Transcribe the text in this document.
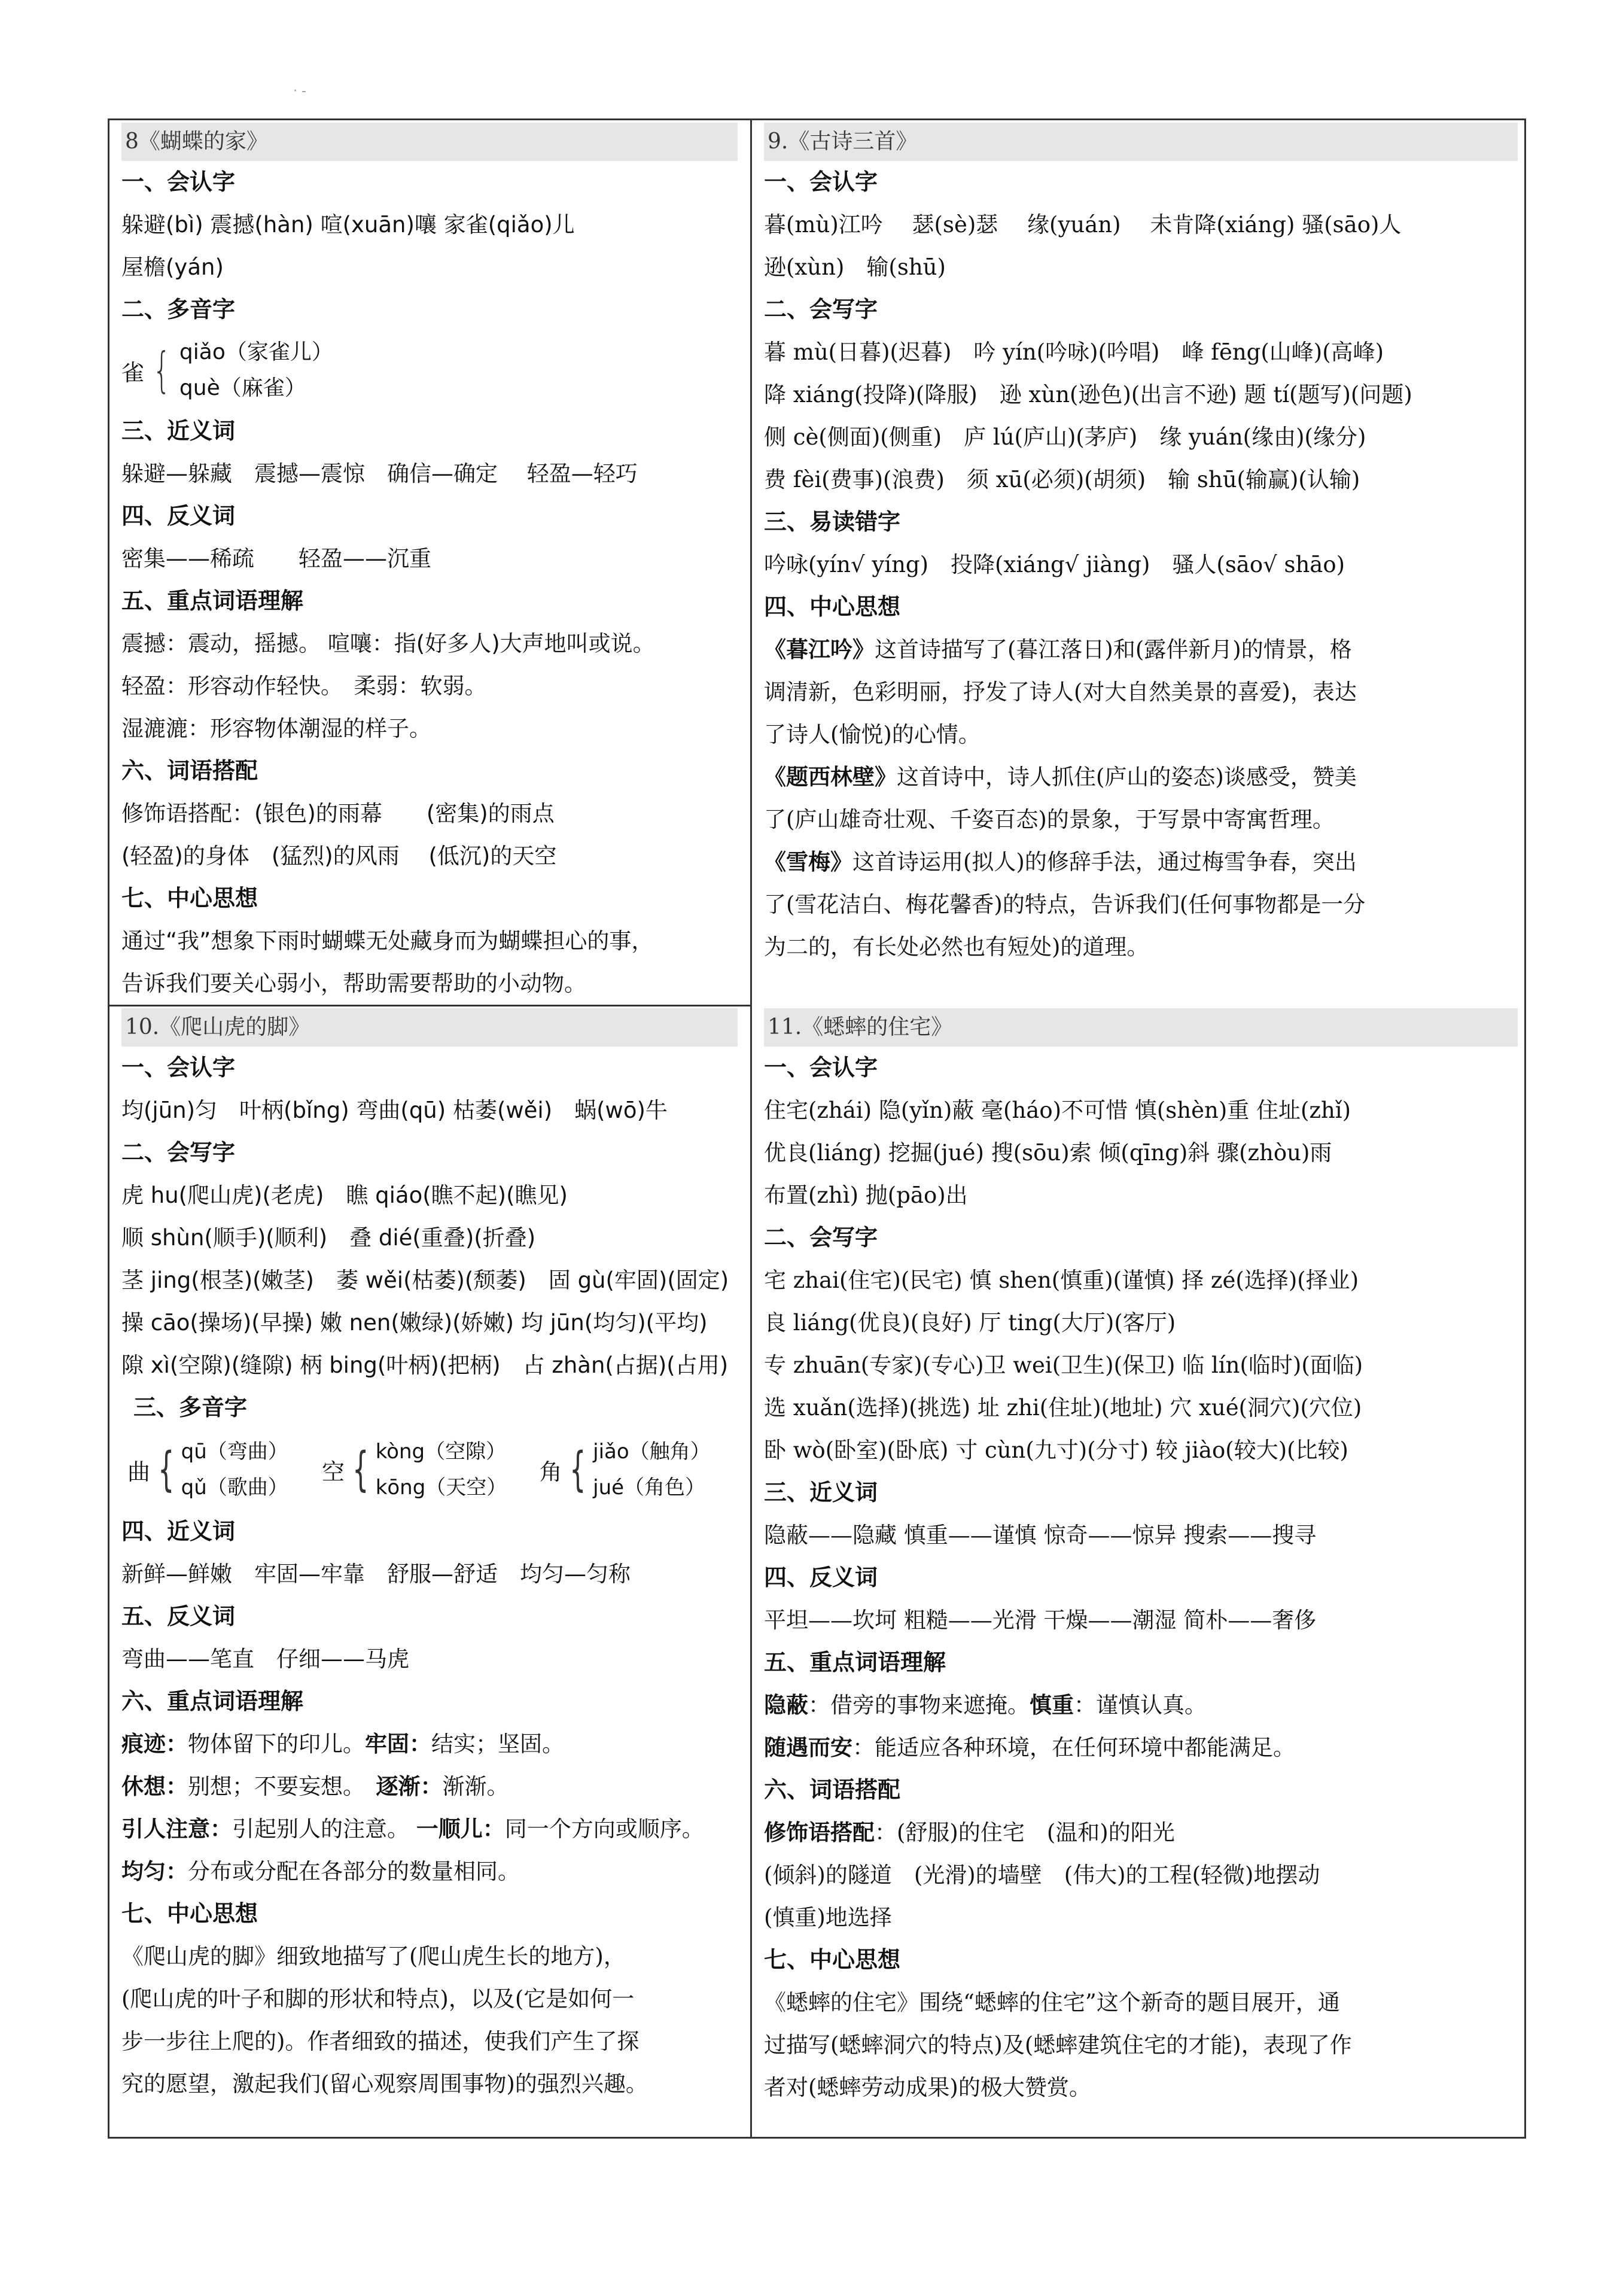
· -
8《蝴蝶的家》
一、会认字
躲避(bì) 震撼(hàn) 喧(xuān)嚷 家雀(qiǎo)儿
屋檐(yán)
二、多音字
雀 { qiǎo（家雀儿）
què（麻雀）
三、近义词
躲避—躲藏　震撼—震惊　确信—确定　 轻盈—轻巧
四、反义词
密集——稀疏　　轻盈——沉重
五、重点词语理解
震撼：震动，摇撼。 喧嚷：指(好多人)大声地叫或说。
轻盈：形容动作轻快。　柔弱：软弱。
湿漉漉：形容物体潮湿的样子。
六、词语搭配
修饰语搭配：(银色)的雨幕　　(密集)的雨点
(轻盈)的身体　(猛烈)的风雨　 (低沉)的天空
七、中心思想
通过“我”想象下雨时蝴蝶无处藏身而为蝴蝶担心的事，
告诉我们要关心弱小，帮助需要帮助的小动物。
9.《古诗三首》
一、会认字
暮(mù)江吟　 瑟(sè)瑟　 缘(yuán)　 未肯降(xiáng) 骚(sāo)人
逊(xùn)　输(shū)
二、会写字
暮 mù(日暮)(迟暮)　吟 yín(吟咏)(吟唱)　峰 fēng(山峰)(高峰)
降 xiáng(投降)(降服)　逊 xùn(逊色)(出言不逊) 题 tí(题写)(问题)
侧 cè(侧面)(侧重)　庐 lú(庐山)(茅庐)　缘 yuán(缘由)(缘分)
费 fèi(费事)(浪费)　须 xū(必须)(胡须)　输 shū(输赢)(认输)
三、易读错字
吟咏(yín√ yíng)　投降(xiáng√ jiàng)　骚人(sāo√ shāo)
四、中心思想
《暮江吟》这首诗描写了(暮江落日)和(露伴新月)的情景，格
调清新，色彩明丽，抒发了诗人(对大自然美景的喜爱)，表达
了诗人(愉悦)的心情。
《题西林壁》这首诗中，诗人抓住(庐山的姿态)谈感受，赞美
了(庐山雄奇壮观、千姿百态)的景象，于写景中寄寓哲理。
《雪梅》这首诗运用(拟人)的修辞手法，通过梅雪争春，突出
了(雪花洁白、梅花馨香)的特点，告诉我们(任何事物都是一分
为二的，有长处必然也有短处)的道理。
10.《爬山虎的脚》
一、会认字
均(jūn)匀　叶柄(bǐng) 弯曲(qū) 枯萎(wěi)　蜗(wō)牛
二、会写字
虎 hu(爬山虎)(老虎)　瞧 qiáo(瞧不起)(瞧见)
顺 shùn(顺手)(顺利)　叠 dié(重叠)(折叠)
茎 jing(根茎)(嫩茎)　萎 wěi(枯萎)(颓萎)　固 gù(牢固)(固定)
操 cāo(操场)(早操) 嫩 nen(嫩绿)(娇嫩) 均 jūn(均匀)(平均)
隙 xì(空隙)(缝隙) 柄 bing(叶柄)(把柄)　占 zhàn(占据)(占用)
三、多音字
曲 { qū（弯曲）
qǔ（歌曲）
空 { kòng（空隙）
kōng（天空）
角 { jiǎo（触角）
jué（角色）
四、近义词
新鲜—鲜嫩　牢固—牢靠　舒服—舒适　均匀—匀称
五、反义词
弯曲——笔直　仔细——马虎
六、重点词语理解
痕迹：物体留下的印儿。牢固：结实；坚固。
休想：别想；不要妄想。　逐渐：渐渐。
引人注意：引起别人的注意。 一顺儿：同一个方向或顺序。
均匀：分布或分配在各部分的数量相同。
七、中心思想
《爬山虎的脚》细致地描写了(爬山虎生长的地方)，
(爬山虎的叶子和脚的形状和特点)，以及(它是如何一
步一步往上爬的)。作者细致的描述，使我们产生了探
究的愿望，激起我们(留心观察周围事物)的强烈兴趣。
11.《蟋蟀的住宅》
一、会认字
住宅(zhái) 隐(yǐn)蔽 毫(háo)不可惜 慎(shèn)重 住址(zhǐ)
优良(liáng) 挖掘(jué) 搜(sōu)索 倾(qīng)斜 骤(zhòu)雨
布置(zhì) 抛(pāo)出
二、会写字
宅 zhai(住宅)(民宅) 慎 shen(慎重)(谨慎) 择 zé(选择)(择业)
良 liáng(优良)(良好) 厅 ting(大厅)(客厅)
专 zhuān(专家)(专心)卫 wei(卫生)(保卫) 临 lín(临时)(面临)
选 xuǎn(选择)(挑选) 址 zhi(住址)(地址) 穴 xué(洞穴)(穴位)
卧 wò(卧室)(卧底) 寸 cùn(九寸)(分寸) 较 jiào(较大)(比较)
三、近义词
隐蔽——隐藏 慎重——谨慎 惊奇——惊异 搜索——搜寻
四、反义词
平坦——坎坷 粗糙——光滑 干燥——潮湿 简朴——奢侈
五、重点词语理解
隐蔽：借旁的事物来遮掩。慎重：谨慎认真。
随遇而安：能适应各种环境，在任何环境中都能满足。
六、词语搭配
修饰语搭配：(舒服)的住宅　(温和)的阳光
(倾斜)的隧道　(光滑)的墙壁　(伟大)的工程(轻微)地摆动
(慎重)地选择
七、中心思想
《蟋蟀的住宅》围绕“蟋蟀的住宅”这个新奇的题目展开，通
过描写(蟋蟀洞穴的特点)及(蟋蟀建筑住宅的才能)，表现了作
者对(蟋蟀劳动成果)的极大赞赏。
